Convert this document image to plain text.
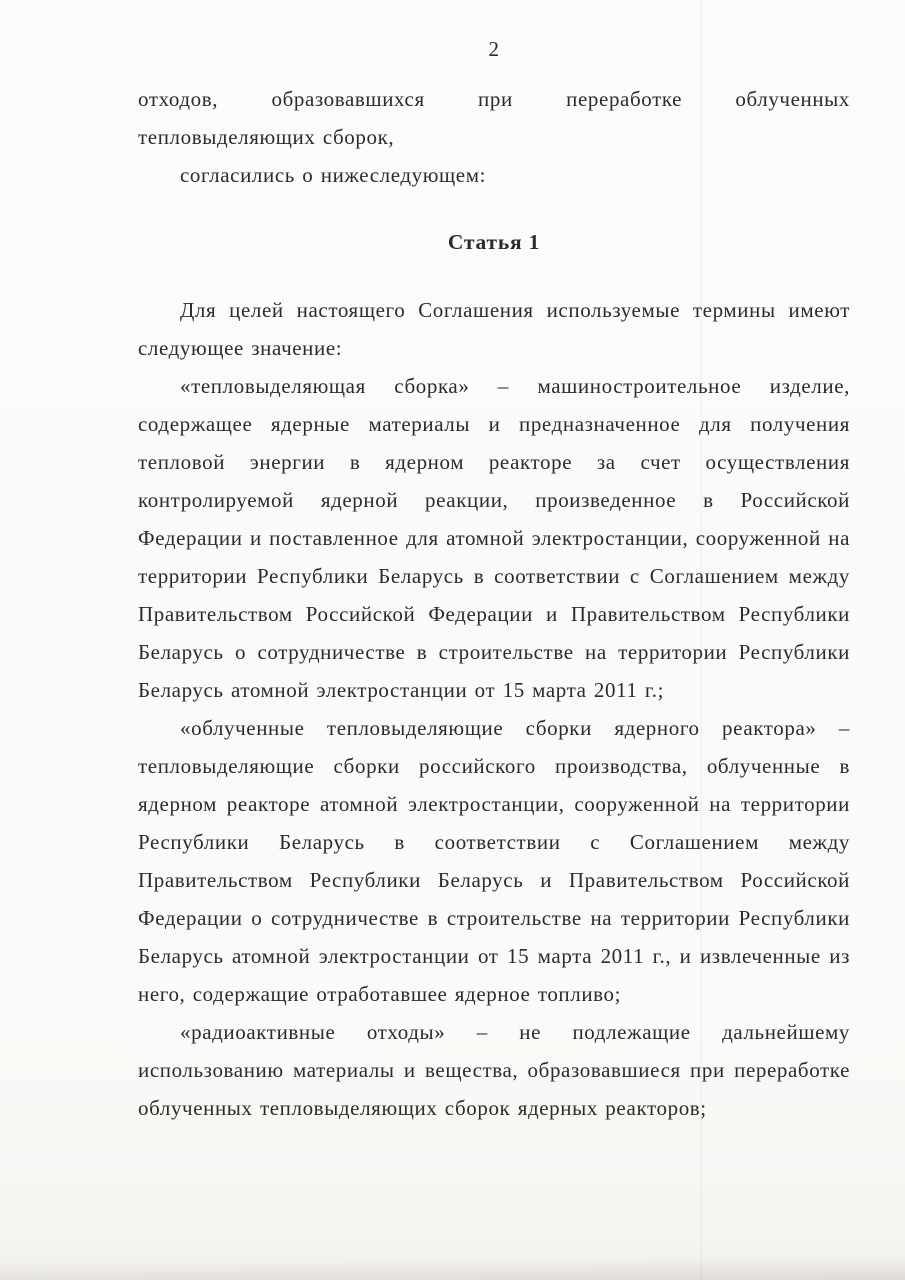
2

отходов, образовавшихся при переработке облученных тепловыделяющих сборок,

согласились о нижеследующем:

Статья 1

Для целей настоящего Соглашения используемые термины имеют следующее значение:

«тепловыделяющая сборка» – машиностроительное изделие, содержащее ядерные материалы и предназначенное для получения тепловой энергии в ядерном реакторе за счет осуществления контролируемой ядерной реакции, произведенное в Российской Федерации и поставленное для атомной электростанции, сооруженной на территории Республики Беларусь в соответствии с Соглашением между Правительством Российской Федерации и Правительством Республики Беларусь о сотрудничестве в строительстве на территории Республики Беларусь атомной электростанции от 15 марта 2011 г.;

«облученные тепловыделяющие сборки ядерного реактора» – тепловыделяющие сборки российского производства, облученные в ядерном реакторе атомной электростанции, сооруженной на территории Республики Беларусь в соответствии с Соглашением между Правительством Республики Беларусь и Правительством Российской Федерации о сотрудничестве в строительстве на территории Республики Беларусь атомной электростанции от 15 марта 2011 г., и извлеченные из него, содержащие отработавшее ядерное топливо;

«радиоактивные отходы» – не подлежащие дальнейшему использованию материалы и вещества, образовавшиеся при переработке облученных тепловыделяющих сборок ядерных реакторов;
